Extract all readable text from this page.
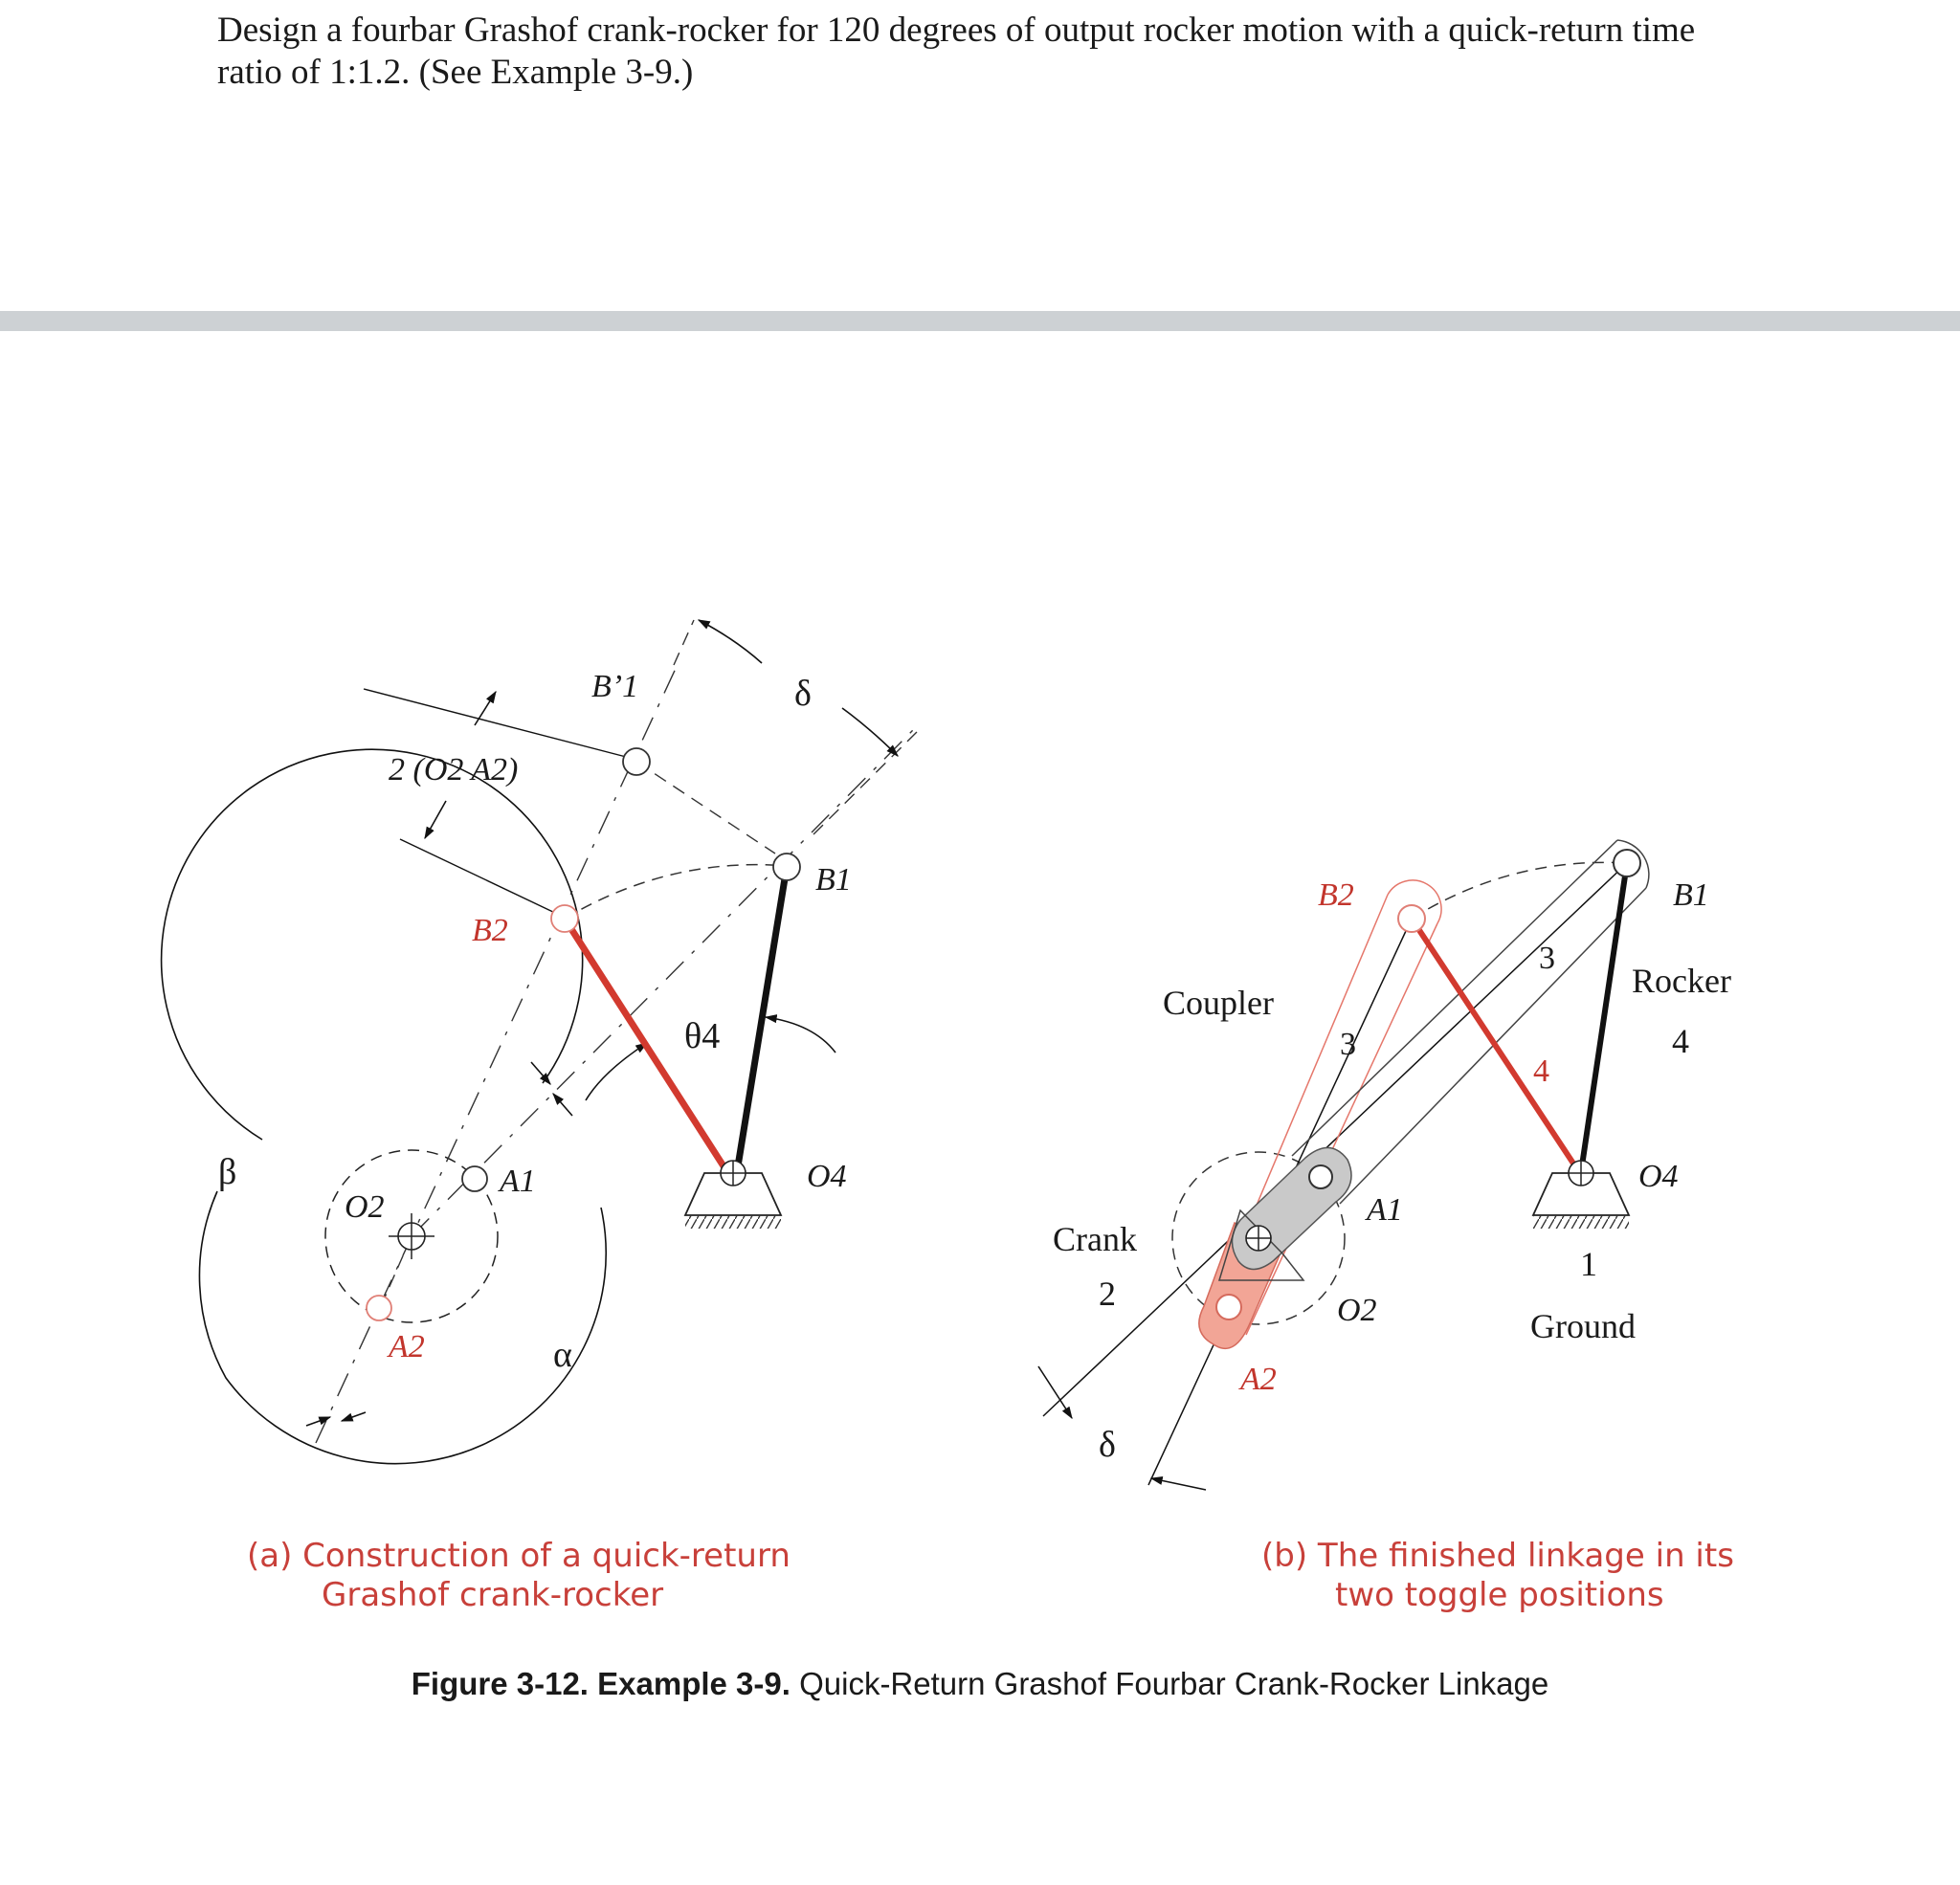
Design a fourbar Grashof crank-rocker for 120 degrees of output rocker motion with a quick-return time ratio of 1:1.2. (See Example 3-9.)

β
α
δ
θ4
O2
O4
A1
A2
B1
B2
B’1
2 (O2 A2)
(a) Construction of a quick-return
Grashof crank-rocker
B1
B2
A1
A2
O2
O4
Coupler
Rocker
4
Crank
2
Ground
1
3
3
4
δ
(b) The finished linkage in its
two toggle positions
Figure 3-12. Example 3-9. Quick-Return Grashof Fourbar Crank-Rocker Linkage
